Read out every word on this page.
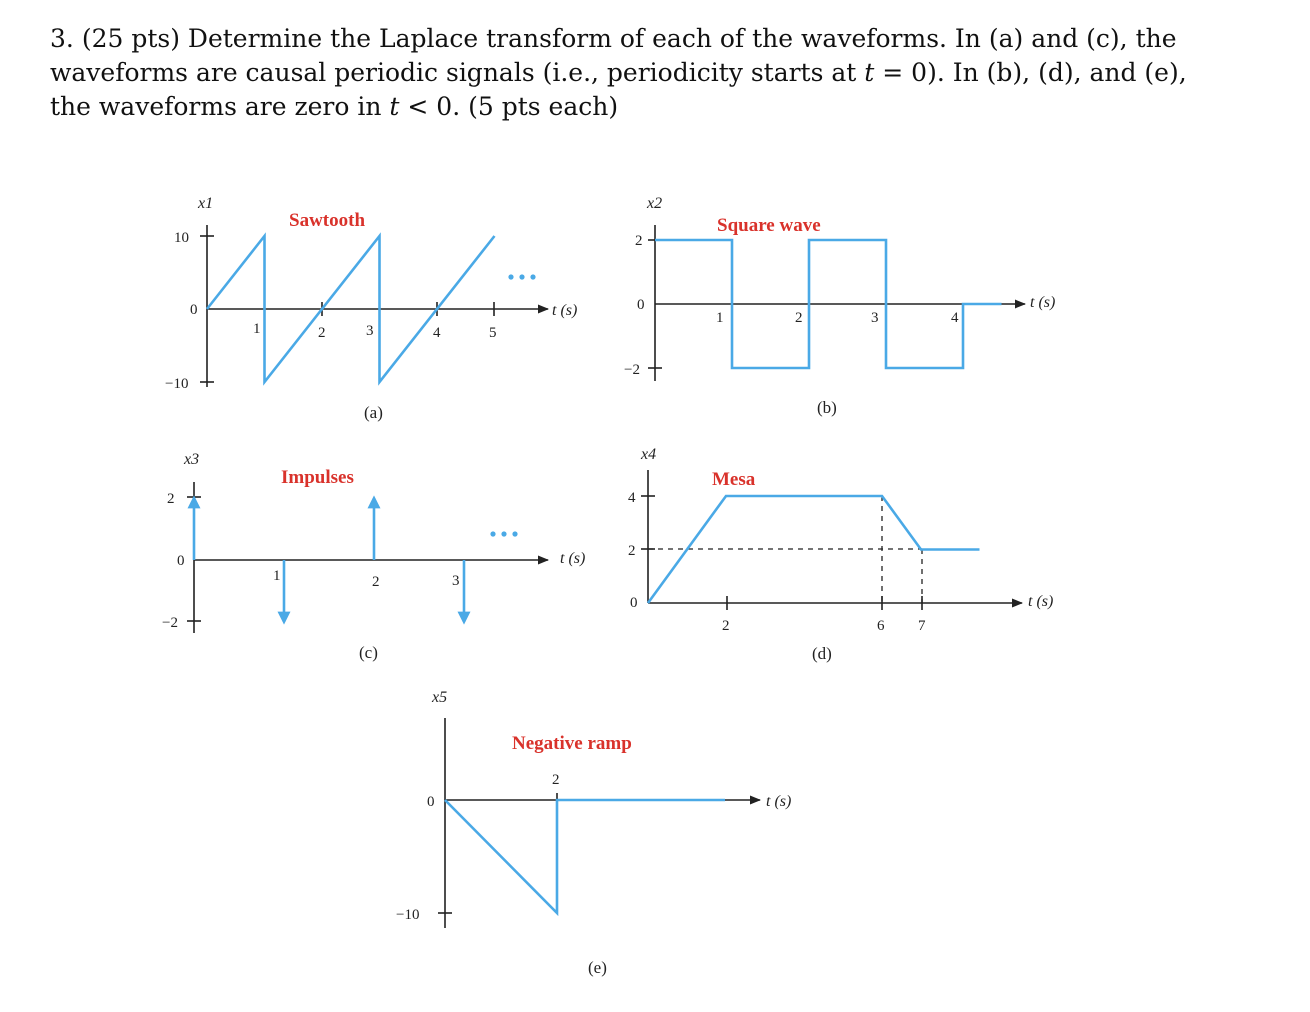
3. (25 pts) Determine the Laplace transform of each of the waveforms. In (a) and (c), the
waveforms are causal periodic signals (i.e., periodicity starts at t = 0). In (b), (d), and (e),
the waveforms are zero in t < 0. (5 pts each)
x1
Sawtooth
10
0
−10
1	2	3	4	5
t (s)
(a)
x2
Square wave
2
0
−2
1	2	3	4
t (s)
(b)
x3
Impulses
2
0
−2
1	2	3
t (s)
(c)
x4
Mesa
4
2
0
2	6 7
t (s)
(d)
x5
Negative ramp
0
−10
2
t (s)
(e)
